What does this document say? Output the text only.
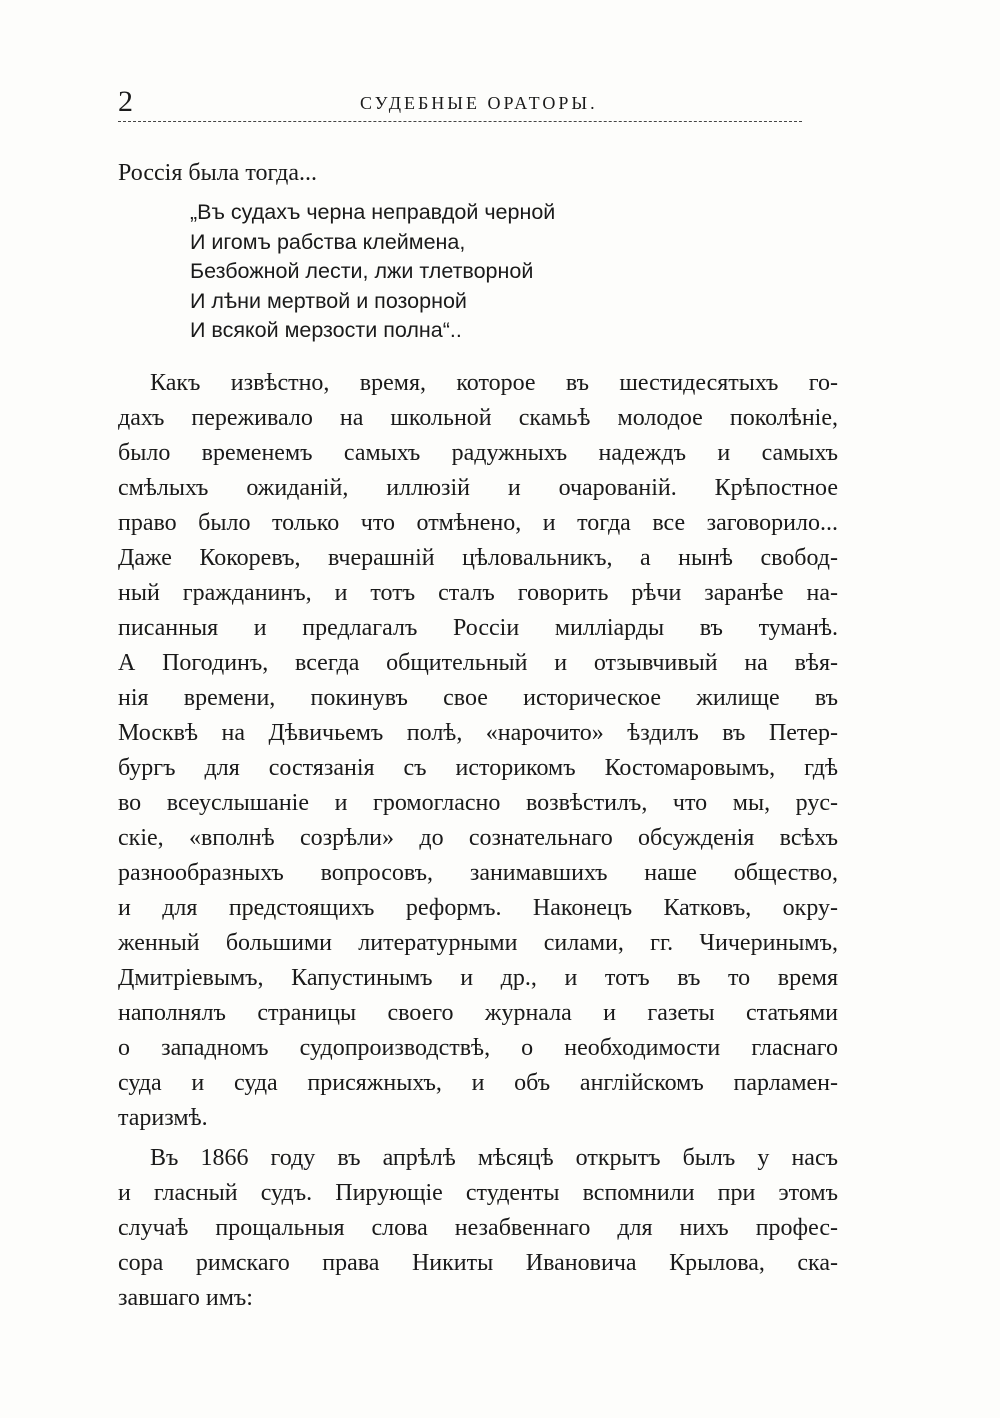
2	СУДЕБНЫЕ ОРАТОРЫ.
Россія была тогда...
„Въ судахъ черна неправдой черной
И игомъ рабства клеймена,
Безбожной лести, лжи тлетворной
И лѣни мертвой и позорной
И всякой мерзости полна“..
Какъ извѣстно, время, которое въ шестидесятыхъ го-
дахъ переживало на школьной скамьѣ молодое поколѣніе,
было временемъ самыхъ радужныхъ надеждъ и самыхъ
смѣлыхъ ожиданій, иллюзій и очарованій. Крѣпостное
право было только что отмѣнено, и тогда все заговорило...
Даже Кокоревъ, вчерашній цѣловальникъ, а нынѣ свобод-
ный гражданинъ, и тотъ сталъ говорить рѣчи заранѣе на-
писанныя и предлагалъ Россіи милліарды въ туманѣ.
А Погодинъ, всегда общительный и отзывчивый на вѣя-
нія времени, покинувъ свое историческое жилище въ
Москвѣ на Дѣвичьемъ полѣ, «нарочито» ѣздилъ въ Петер-
бургъ для состязанія съ историкомъ Костомаровымъ, гдѣ
во всеуслышаніе и громогласно возвѣстилъ, что мы, рус-
скіе, «вполнѣ созрѣли» до сознательнаго обсужденія всѣхъ
разнообразныхъ вопросовъ, занимавшихъ наше общество,
и для предстоящихъ реформъ. Наконецъ Катковъ, окру-
женный большими литературными силами, гг. Чичеринымъ,
Дмитріевымъ, Капустинымъ и др., и тотъ въ то время
наполнялъ страницы своего журнала и газеты статьями
о западномъ судопроизводствѣ, о необходимости гласнаго
суда и суда присяжныхъ, и объ англійскомъ парламен-
таризмѣ.
Въ 1866 году въ апрѣлѣ мѣсяцѣ открытъ былъ у насъ
и гласный судъ. Пирующіе студенты вспомнили при этомъ
случаѣ прощальныя слова незабвеннаго для нихъ профес-
сора римскаго права Никиты Ивановича Крылова, ска-
завшаго имъ:
